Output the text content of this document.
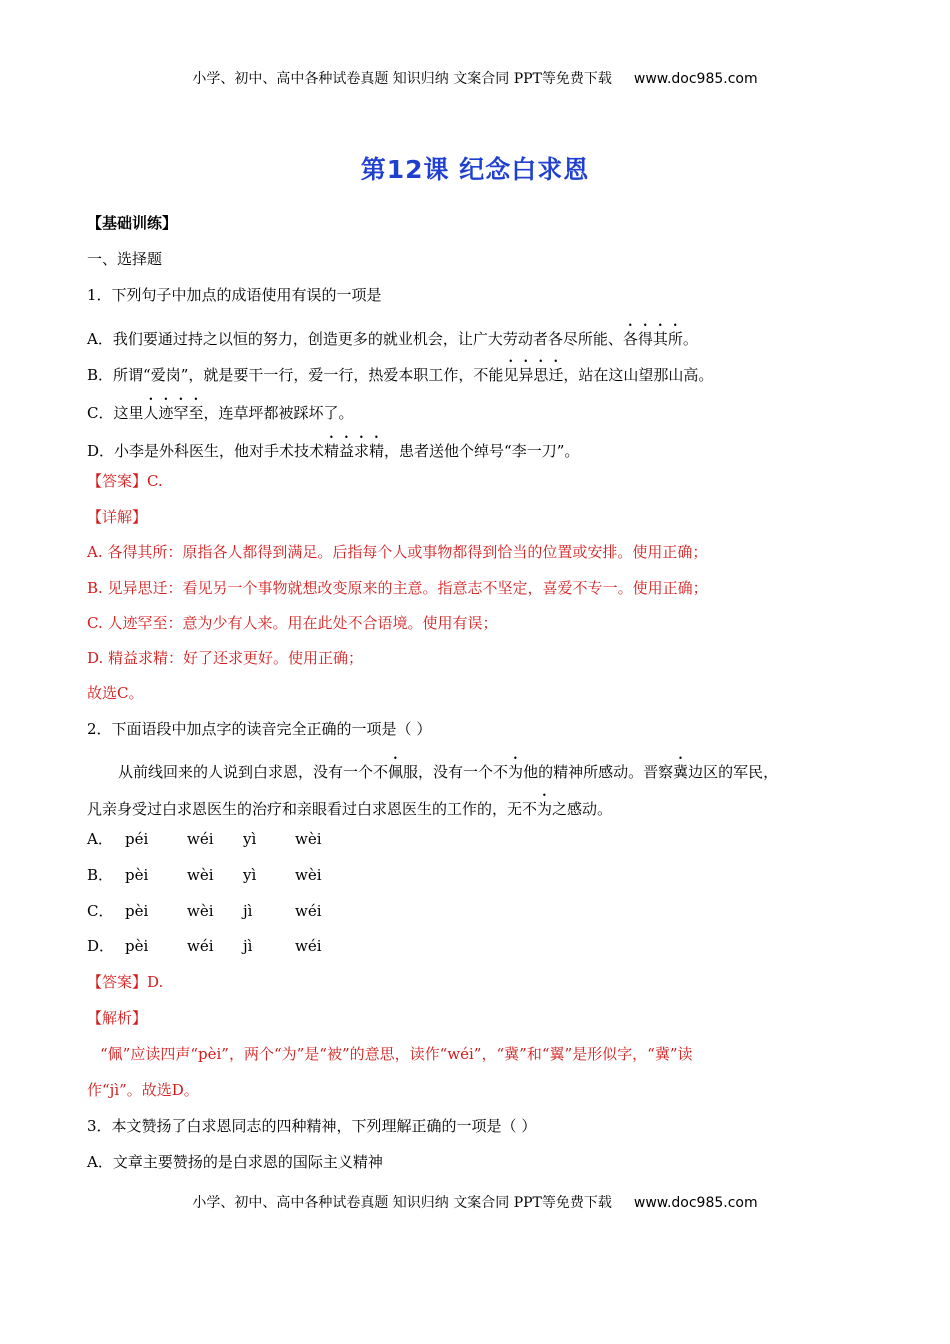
小学、初中、高中各种试卷真题 知识归纳 文案合同 PPT等免费下载 www.doc985.com
第12课 纪念白求恩
【基础训练】
一、选择题
1．下列句子中加点的成语使用有误的一项是
A．我们要通过持之以恒的努力，创造更多的就业机会，让广大劳动者各尽所能、各得其所。
B．所谓“爱岗”，就是要干一行，爱一行，热爱本职工作，不能见异思迁，站在这山望那山高。
C．这里人迹罕至，连草坪都被踩坏了。
D．小李是外科医生，他对手术技术精益求精，患者送他个绰号“李一刀”。
【答案】C.
【详解】
A. 各得其所：原指各人都得到满足。后指每个人或事物都得到恰当的位置或安排。使用正确；
B. 见异思迁：看见另一个事物就想改变原来的主意。指意志不坚定，喜爱不专一。使用正确；
C. 人迹罕至：意为少有人来。用在此处不合语境。使用有误；
D. 精益求精：好了还求更好。使用正确；
故选C。
2．下面语段中加点字的读音完全正确的一项是（ ）
从前线回来的人说到白求恩，没有一个不佩服，没有一个不为他的精神所感动。晋察冀边区的军民，
凡亲身受过白求恩医生的治疗和亲眼看过白求恩医生的工作的，无不为之感动。
A． péi	wéi yì	wèi
B． pèi	wèi yì	wèi
C． pèi	wèi jì	wéi
D． pèi	wéi jì	wéi
【答案】D.
【解析】
“佩”应读四声“pèi”，两个“为”是“被”的意思，读作“wéi”，“冀”和“翼”是形似字，“冀”读
作“jì”。故选D。
3．本文赞扬了白求恩同志的四种精神，下列理解正确的一项是（ ）
A．文章主要赞扬的是白求恩的国际主义精神
小学、初中、高中各种试卷真题 知识归纳 文案合同 PPT等免费下载 www.doc985.com
